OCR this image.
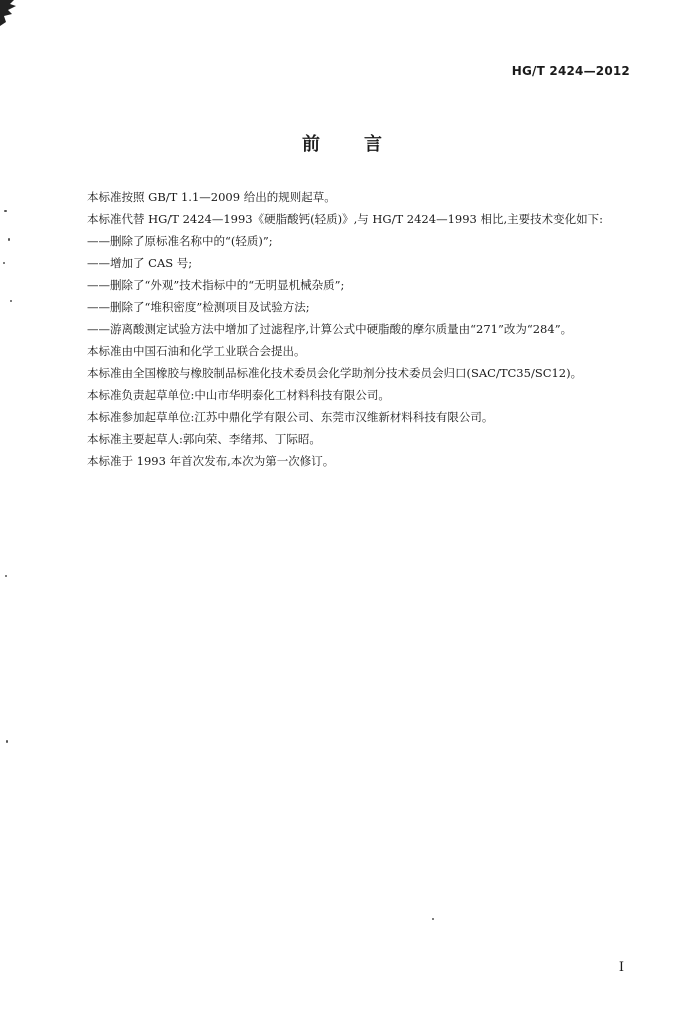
HG/T 2424—2012
前言

本标准按照 GB/T 1.1—2009 给出的规则起草。

本标准代替 HG/T 2424—1993《硬脂酸钙(轻质)》,与 HG/T 2424—1993 相比,主要技术变化如下:

——删除了原标准名称中的“(轻质)”;

——增加了 CAS 号;

——删除了“外观”技术指标中的“无明显机械杂质”;

——删除了“堆积密度”检测项目及试验方法;

——游离酸测定试验方法中增加了过滤程序,计算公式中硬脂酸的摩尔质量由“271”改为“284”。

本标准由中国石油和化学工业联合会提出。

本标准由全国橡胶与橡胶制品标准化技术委员会化学助剂分技术委员会归口(SAC/TC35/SC12)。

本标准负责起草单位:中山市华明泰化工材料科技有限公司。

本标准参加起草单位:江苏中鼎化学有限公司、东莞市汉维新材料科技有限公司。

本标准主要起草人:郭向荣、李绪邦、丁际昭。

本标准于 1993 年首次发布,本次为第一次修订。

I
